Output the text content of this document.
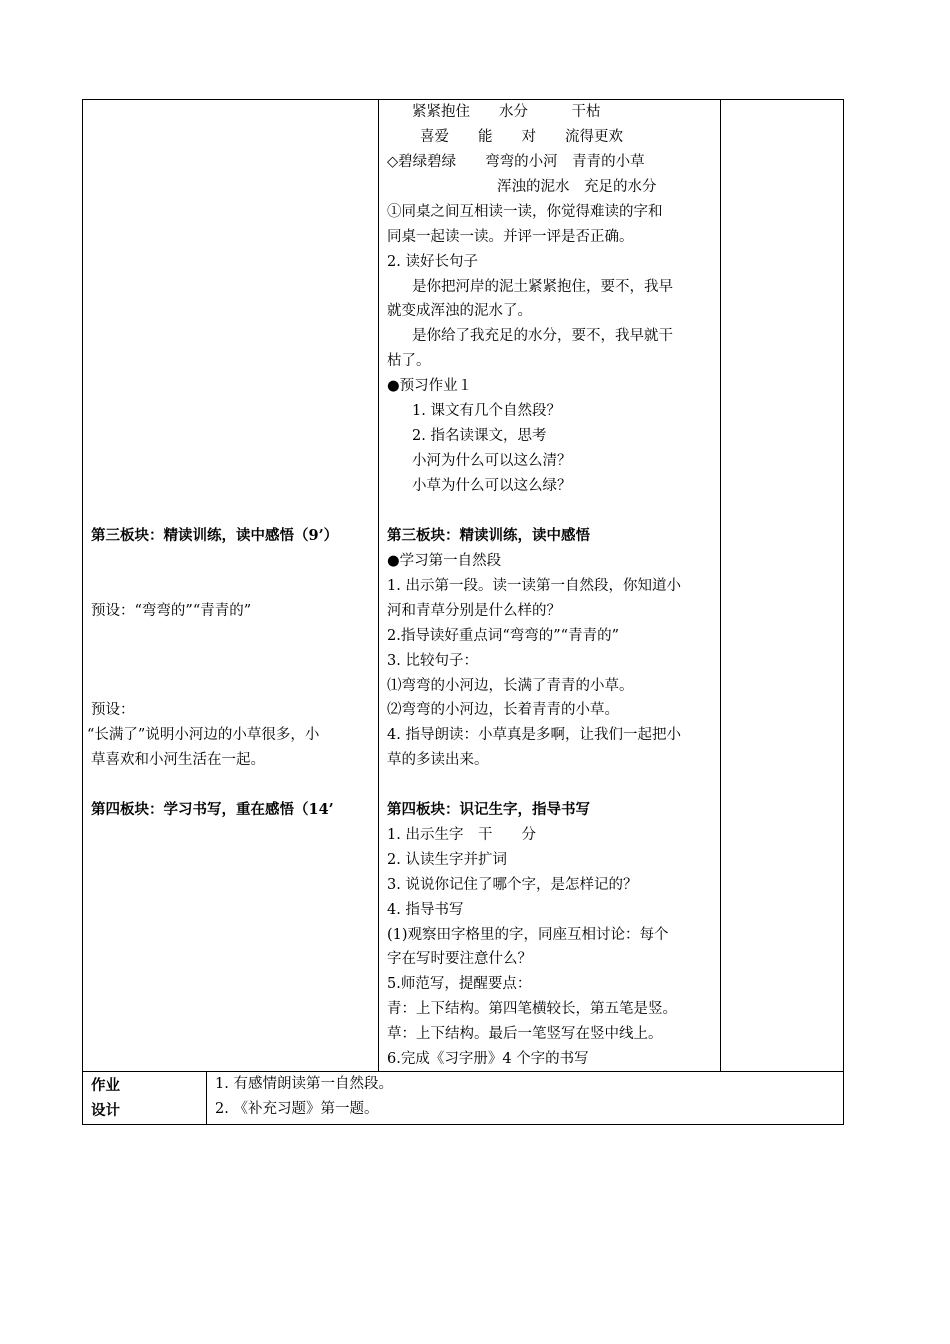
第三板块：精读训练，读中感悟（9’）
预设：“弯弯的”“青青的”
预设：
“长满了”说明小河边的小草很多，小
草喜欢和小河生活在一起。
第四板块：学习书写，重在感悟（14’
紧紧抱住　　水分　　　干枯
喜爱　　能　　对　　流得更欢
◇碧绿碧绿　　弯弯的小河　青青的小草
浑浊的泥水　充足的水分
①同桌之间互相读一读，你觉得难读的字和
同桌一起读一读。并评一评是否正确。
2. 读好长句子
是你把河岸的泥土紧紧抱住，要不，我早
就变成浑浊的泥水了。
是你给了我充足的水分，要不，我早就干
枯了。
●预习作业１
1. 课文有几个自然段？
2. 指名读课文，思考
小河为什么可以这么清？
小草为什么可以这么绿？
第三板块：精读训练，读中感悟
●学习第一自然段
1. 出示第一段。读一读第一自然段，你知道小
河和青草分别是什么样的？
2.指导读好重点词“弯弯的”“青青的”
3. 比较句子：
⑴弯弯的小河边，长满了青青的小草。
⑵弯弯的小河边，长着青青的小草。
4. 指导朗读：小草真是多啊，让我们一起把小
草的多读出来。
第四板块：识记生字，指导书写
1. 出示生字　干　　分
2. 认读生字并扩词
3. 说说你记住了哪个字，是怎样记的？
4. 指导书写
(1)观察田字格里的字，同座互相讨论：每个
字在写时要注意什么？
5.师范写，提醒要点：
青：上下结构。第四笔横较长，第五笔是竖。
草：上下结构。最后一笔竖写在竖中线上。
6.完成《习字册》4 个字的书写
作业
设计
1. 有感情朗读第一自然段。
2. 《补充习题》第一题。
